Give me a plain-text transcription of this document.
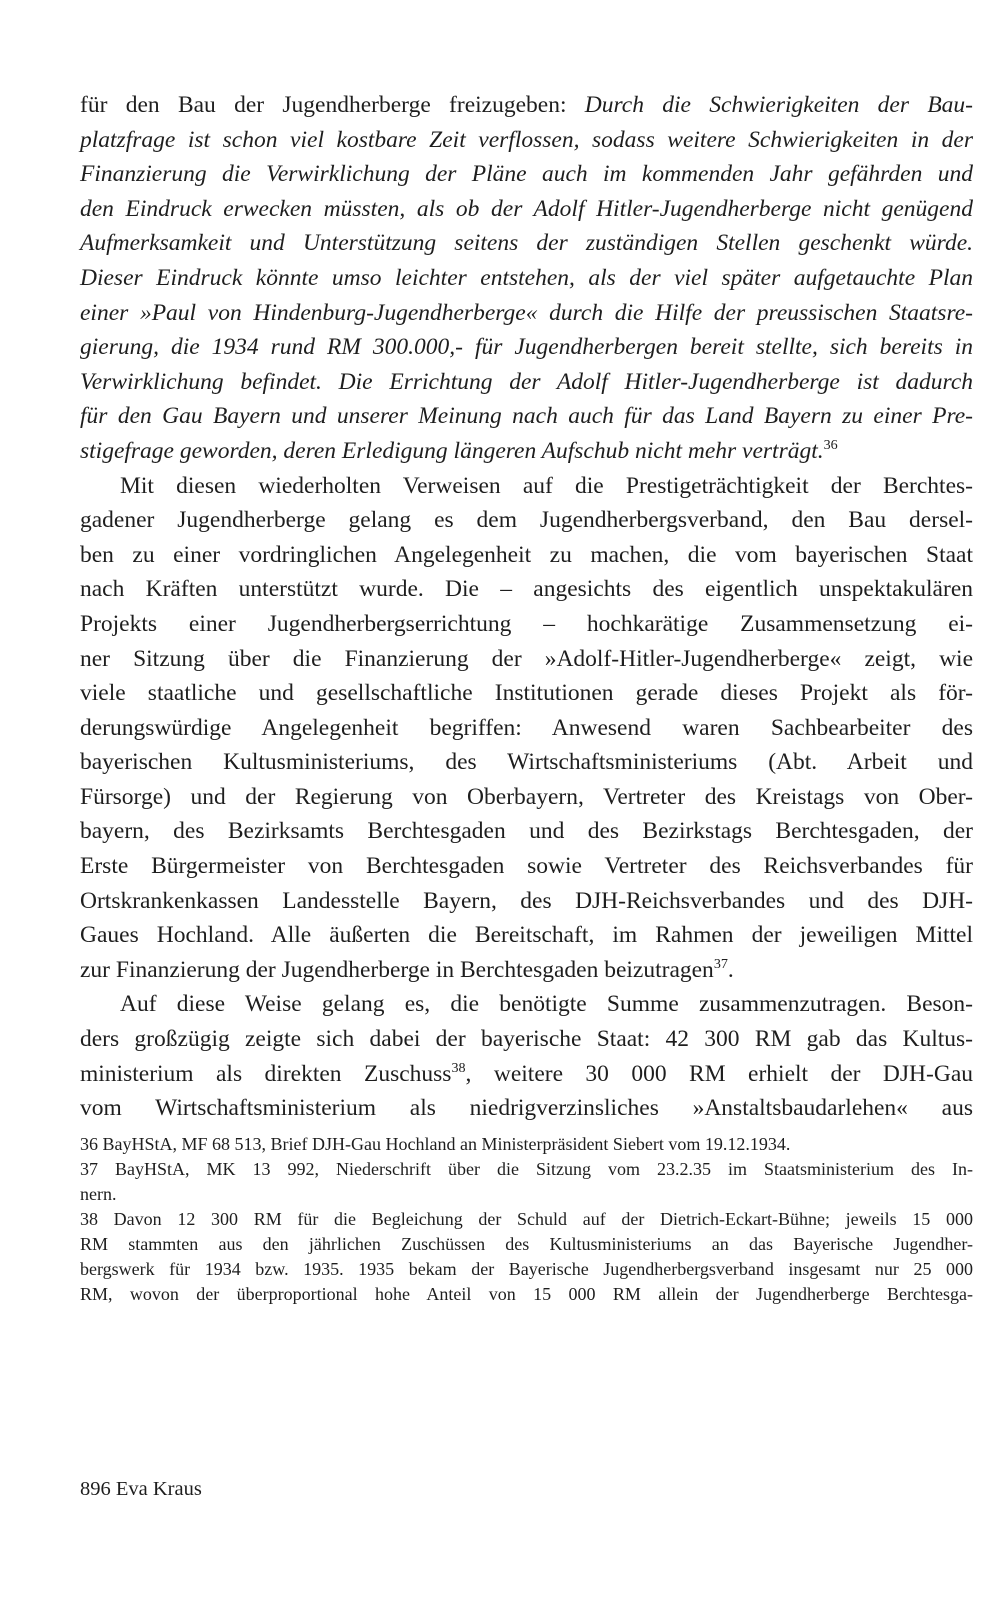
für den Bau der Jugendherberge freizugeben: Durch die Schwierigkeiten der Bau-
platzfrage ist schon viel kostbare Zeit verflossen, sodass weitere Schwierigkeiten in der
Finanzierung die Verwirklichung der Pläne auch im kommenden Jahr gefährden und
den Eindruck erwecken müssten, als ob der Adolf Hitler-Jugendherberge nicht genügend
Aufmerksamkeit und Unterstützung seitens der zuständigen Stellen geschenkt würde.
Dieser Eindruck könnte umso leichter entstehen, als der viel später aufgetauchte Plan
einer »Paul von Hindenburg-Jugendherberge« durch die Hilfe der preussischen Staatsre-
gierung, die 1934 rund RM 300.000,- für Jugendherbergen bereit stellte, sich bereits in
Verwirklichung befindet. Die Errichtung der Adolf Hitler-Jugendherberge ist dadurch
für den Gau Bayern und unserer Meinung nach auch für das Land Bayern zu einer Pre-
stigefrage geworden, deren Erledigung längeren Aufschub nicht mehr verträgt.$^{36}$
Mit diesen wiederholten Verweisen auf die Prestigeträchtigkeit der Berchtes-
gadener Jugendherberge gelang es dem Jugendherbergsverband, den Bau dersel-
ben zu einer vordringlichen Angelegenheit zu machen, die vom bayerischen Staat
nach Kräften unterstützt wurde. Die – angesichts des eigentlich unspektakulären
Projekts einer Jugendherbergserrichtung – hochkarätige Zusammensetzung ei-
ner Sitzung über die Finanzierung der »Adolf-Hitler-Jugendherberge« zeigt, wie
viele staatliche und gesellschaftliche Institutionen gerade dieses Projekt als för-
derungswürdige Angelegenheit begriffen: Anwesend waren Sachbearbeiter des
bayerischen Kultusministeriums, des Wirtschaftsministeriums (Abt. Arbeit und
Fürsorge) und der Regierung von Oberbayern, Vertreter des Kreistags von Ober-
bayern, des Bezirksamts Berchtesgaden und des Bezirkstags Berchtesgaden, der
Erste Bürgermeister von Berchtesgaden sowie Vertreter des Reichsverbandes für
Ortskrankenkassen Landesstelle Bayern, des DJH-Reichsverbandes und des DJH-
Gaues Hochland. Alle äußerten die Bereitschaft, im Rahmen der jeweiligen Mittel
zur Finanzierung der Jugendherberge in Berchtesgaden beizutragen$^{37}$.
Auf diese Weise gelang es, die benötigte Summe zusammenzutragen. Beson-
ders großzügig zeigte sich dabei der bayerische Staat: 42 300 RM gab das Kultus-
ministerium als direkten Zuschuss$^{38}$, weitere 30 000 RM erhielt der DJH-Gau
vom Wirtschaftsministerium als niedrigverzinsliches »Anstaltsbaudarlehen« aus
36 BayHStA, MF 68 513, Brief DJH-Gau Hochland an Ministerpräsident Siebert vom 19.12.1934.
37 BayHStA, MK 13 992, Niederschrift über die Sitzung vom 23.2.35 im Staatsministerium des In-
nern.
38 Davon 12 300 RM für die Begleichung der Schuld auf der Dietrich-Eckart-Bühne; jeweils 15 000
RM stammten aus den jährlichen Zuschüssen des Kultusministeriums an das Bayerische Jugendher-
bergswerk für 1934 bzw. 1935. 1935 bekam der Bayerische Jugendherbergsverband insgesamt nur 25 000
RM, wovon der überproportional hohe Anteil von 15 000 RM allein der Jugendherberge Berchtesga-
896 Eva Kraus
